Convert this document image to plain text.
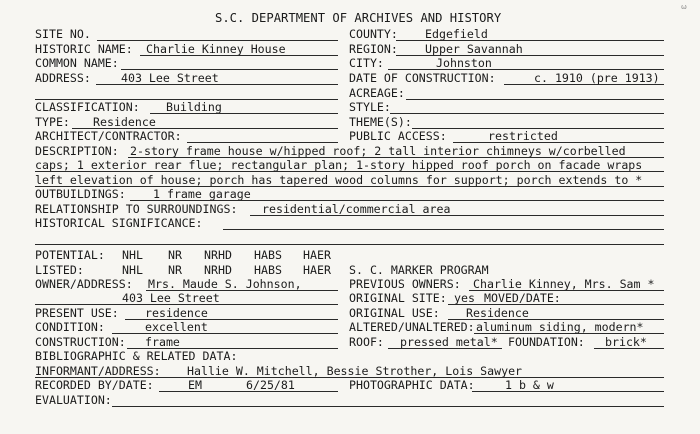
S.C. DEPARTMENT OF ARCHIVES AND HISTORY
ω
SITE NO.	COUNTY: Edgefield
HISTORIC NAME: Charlie Kinney House	REGION: Upper Savannah
COMMON NAME:	CITY:	Johnston
ADDRESS:	403 Lee Street	DATE OF CONSTRUCTION:	c. 1910 (pre 1913)
ACREAGE:
CLASSIFICATION: Building	STYLE:
TYPE: Residence	THEME(S):
ARCHITECT/CONTRACTOR:	PUBLIC ACCESS:	restricted
DESCRIPTION: 2-story frame house w/hipped roof; 2 tall interior chimneys w/corbelled
caps; 1 exterior rear flue; rectangular plan; 1-story hipped roof porch on facade wraps
left elevation of house; porch has tapered wood columns for support; porch extends to *
OUTBUILDINGS: 1 frame garage
RELATIONSHIP TO SURROUNDINGS: residential/commercial area
HISTORICAL SIGNIFICANCE:
POTENTIAL: NHL NR NRHD HABS HAER
LISTED:	NHL NR NRHD HABS HAER S. C. MARKER PROGRAM
OWNER/ADDRESS: Mrs. Maude S. Johnson,
403 Lee Street
PREVIOUS OWNERS: Charlie Kinney, Mrs. Sam *
ORIGINAL SITE: yes MOVED/DATE:
PRESENT USE: residence	ORIGINAL USE: Residence
CONDITION:	excellent	ALTERED/UNALTERED: aluminum siding, modern*
CONSTRUCTION: frame	ROOF: pressed metal* FOUNDATION: brick*
BIBLIOGRAPHIC & RELATED DATA:
INFORMANT/ADDRESS: Hallie W. Mitchell, Bessie Strother, Lois Sawyer
RECORDED BY/DATE:	EM	6/25/81	PHOTOGRAPHIC DATA:	1 b & w
EVALUATION:
